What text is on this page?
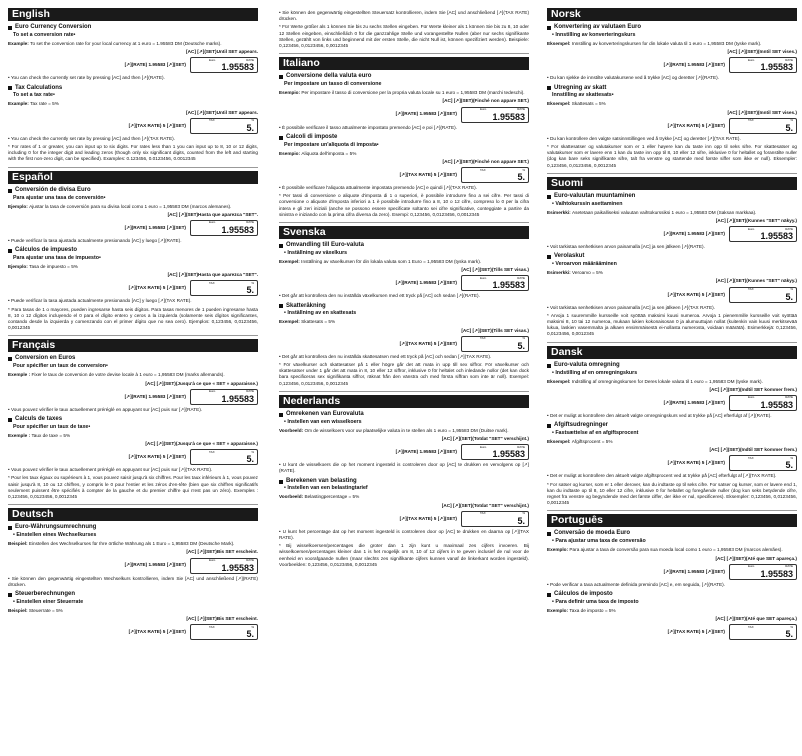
English
Euro Currency Conversion
To set a conversion rate•
Example: To set the conversion rate for your local currency at 1 euro = 1.95583 DM (Deutsche marks).
[AC] [↗](SET)Until SET appears.
[↗](RATE) 1.95583 [↗](SET)
Euro	RATE
1.95583
• You can check the currently set rate by pressing [AC] and then [↗](RATE).
Tax Calculations
To set a tax rate•
Example: Tax rate = 5%
[AC] [↗](SET)Until SET appears.
[↗](TAX RATE) 5 [↗](SET)
TAX	%
5.
• You can check the currently set rate by pressing [AC] and then [↗](TAX RATE).
* For rates of 1 or greater, you can input up to six digits. For rates less than 1 you can input up to 8, 10 or 12 digits, including 0 for the integer digit and leading zeros (though only six significant digits, counted from the left and starting with the first non-zero digit, can be specified). Examples: 0.123456, 0.0123456, 0.0012345
Español
Conversión de divisa Euro
Para ajustar una tasa de conversión•
Ejemplo: Ajustar la tasa de conversión para su divisa local como 1 euro = 1,95583 DM (marcos alemanes).
[AC] [↗](SET)Hasta que aparezca "SET".
[↗](RATE) 1.95583 [↗](SET)
Euro	RATE
1.95583
• Puede verificar la tasa ajustada actualmente presionando [AC] y luego [↗](RATE).
Cálculos de impuesto
Para ajustar una tasa de impuesto•
Ejemplo: Tasa de impuesto = 5%
[AC] [↗](SET)Hasta que aparezca "SET".
[↗](TAX RATE) 5 [↗](SET)
TAX	%
5.
• Puede verificar la tasa ajustada actualmente presionando [AC] y luego [↗](TAX RATE).
* Para tasas de 1 o mayores, pueden ingresarse hasta seis dígitos. Para tasas menores de 1 pueden ingresarse hasta 8, 10 o 12 dígitos incluyendo el 0 para el dígito entero y ceros a la izquierda (solamente seis dígitos significantes, contando desde la izquierda y comenzando con el primer dígito que no sea cero). Ejemplos: 0,123456, 0,0123456, 0,0012345
Français
Conversion en Euros
Pour spécifier un taux de conversion•
Exemple : Fixer le taux de conversion de votre devise locale à 1 euro = 1,95583 DM (marks allemands).
[AC] [↗](SET)(Jusqu'à ce que « SET » apparaisse.)
[↗](RATE) 1.95583 [↗](SET)
Euro	RATE
1.95583
• Vous pouvez vérifier le taux actuellement préréglé en appuyant sur [AC] puis sur [↗](RATE).
Calculs de taxes
Pour spécifier un taux de taxe•
Exemple : Taux de taxe = 5%
[AC] [↗](SET)(Jusqu'à ce que « SET » apparaisse.)
[↗](TAX RATE) 5 [↗](SET)
TAX	%
5.
• Vous pouvez vérifier le taux actuellement préréglé en appuyant sur [AC] puis sur [↗](TAX RATE).
* Pour les taux égaux ou supérieurs à 1, vous pouvez saisir jusqu'à six chiffres. Pour les taux inférieurs à 1, vous pouvez saisir jusqu'à 8, 10 ou 12 chiffres, y compris le 0 pour l'entier et les zéros d'en-tête (bien que six chiffres significatifs seulement puissent être spécifiés à compter de la gauche et du premier chiffre qui n'est pas un zéro). Exemples : 0,123456, 0,0123456, 0,0012345
Deutsch
Euro-Währungsumrechnung
• Einstellen eines Wechselkurses
Beispiel: Einstellen des Wechselkurses für Ihre örtliche Währung als 1 Euro = 1,95583 DM (Deutsche Mark).
[AC] [↗](SET)Bis SET erscheint.
[↗](RATE) 1.95583 [↗](SET)
Euro	RATE
1.95583
• Sie können den gegenwärtig eingestellten Wechselkurs kontrollieren, indem Sie [AC] und anschließend [↗](RATE) drücken.
Steuerberechnungen
• Einstellen einer Steuerrate
Beispiel: Steuerrate = 5%
[AC] [↗](SET)Bis SET erscheint.
[↗](TAX RATE) 5 [↗](SET)
TAX	%
5.
• Sie können den gegenwärtig eingestellten Steuersatz kontrollieren, indem Sie [AC] und anschließend [↗](TAX RATE) drücken.
* Für Werte größer als 1 können Sie bis zu sechs Stellen eingeben. Für Werte kleiner als 1 können Sie bis zu 8, 10 oder 12 Stellen eingeben, einschließlich 0 für die ganzzahlige Stelle und vorangestellte Nullen (aber nur sechs signifikante Stellen, gezählt von links und beginnend mit der ersten Stelle, die nicht Null ist, können spezifiziert werden). Beispiele: 0,123456, 0,0123456, 0,0012345
Italiano
Conversione della valuta euro
Per impostare un tasso di conversione
Esempio: Per impostare il tasso di conversione per la propria valuta locale su 1 euro = 1,95583 DM (marchi tedeschi).
[AC] [↗](SET)(Finché non appare SET.)
[↗](RATE) 1.95583 [↗](SET)
Euro	RATE
1.95583
• È possibile verificare il tasso attualmente impostato premendo [AC] e poi [↗](RATE).
Calcoli di imposte
Per impostare un'aliquota di imposta•
Esempio: Aliquota dell'imposta = 5%
[AC] [↗](SET)(Finché non appare SET.)
[↗](TAX RATE) 5 [↗](SET)
TAX	%
5.
• È possibile verificare l'aliquota attualmente impostata premendo [AC] e quindi [↗](TAX RATE).
* Per tassi di conversione o aliquote d'imposta di 1 o superiori, è possibile introdurre fino a sei cifre. Per tassi di conversione o aliquote d'imposta inferiori a 1 è possibile introdurre fino a 8, 10 o 12 cifre, compreso lo 0 per la cifra intera e gli zeri iniziali (anche se possono essere specificate soltanto sei cifre significative, conteggiate a partire da sinistra e iniziando con la prima cifra diversa da zero). Esempi: 0,123456, 0,0123456, 0,0012345
Svenska
Omvandling till Euro-valuta
• Inställning av växelkurs
Exempel: Inställning av växelkursen för din lokala valuta som 1 Euro = 1,95583 DM (tyska mark).
[AC] [↗](SET)(Tills SET visas.)
[↗](RATE) 1.95583 [↗](SET)
Euro	RATE
1.95583
• Det går att kontrollera den nu inställda växelkursen med ett tryck på [AC] och sedan [↗](RATE).
Skatteräkning
• Inställning av en skattesats
Exempel: Skattesats = 5%
[AC] [↗](SET)(Tills SET visas.)
[↗](TAX RATE) 5 [↗](SET)
TAX	%
5.
• Det går att kontrollera den nu inställda skattesatsen med ett tryck på [AC] och sedan [↗](TAX RATE).
* För växelkurser och skattesatser på 1 eller högre går det att mata in upp till sex siffror. För växelkurser och skattesatser under 1 går det att mata in 8, 10 eller 12 siffror, inklusive 0 för heltalet och inledande nollor (det kan dock bara specificeras sex signifikanta siffror, räknat från den vänstra och med första siffran som inte är noll). Exempel: 0,123456, 0,0123456, 0,0012345
Nederlands
Omrekenen van Eurovaluta
• Instellen van een wisselkoers
Voorbeeld: Om de wisselkoers voor uw plaatselijke valuta in te stellen als 1 euro = 1,95583 DM (Duitse mark).
[AC] [↗](SET)(Totdat "SET" verschijnt.)
[↗](RATE) 1.95583 [↗](SET)
Euro	RATE
1.95583
• U kunt de wisselkoers die op het moment ingesteld is controleren door op [AC] te drukken en vervolgens op [↗](RATE).
Berekenen van belasting
• Instellen van een belastingtarief
Voorbeeld: Belastingpercentage = 5%
[AC] [↗](SET)(Totdat "SET" verschijnt.)
[↗](TAX RATE) 5 [↗](SET)
TAX	%
5.
• U kunt het percentage dat op het moment ingesteld is controleren door op [AC] te drukken en daarna op [↗](TAX RATE).
* Bij wisselkoersen/percentages die groter dan 1 zijn kunt u maximaal zes cijfers invoeren. Bij wisselkoersen/percentages kleiner dan 1 is het mogelijk om 8, 10 of 12 cijfers in te geven inclusief de nul voor de eenheid en voorafgaande nullen (maar slechts zes signifikante cijfers kunnen vanaf de linkerkant worden ingesteld). Voorbeelden: 0,123456, 0,0123456, 0,0012345
Norsk
Konvertering av valutaen Euro
• Innstilling av konverteringskurs
Eksempel: Innstilling av konverteringskursen for din lokale valuta til 1 euro = 1,95583 DM (tyske mark).
[AC] [↗](SET)(Inntil SET vises.)
[↗](RATE) 1.95583 [↗](SET)
Euro	RATE
1.95583
• Du kan sjekke de innstilte valutakursene ved å trykke [AC] og deretter [↗](RATE).
Utregning av skatt
Innstilling av skattesats•
Eksempel: Skattesats = 5%
[AC] [↗](SET)(Inntil SET vises.)
[↗](TAX RATE) 5 [↗](SET)
TAX	%
5.
• Du kan kontrollere den valgte satsinnstillingen ved å trykke [AC] og deretter [↗](TAX RATE).
* For skattesatser og valutakurser som er 1 eller høyere kan du taste inn opp til seks sifre. For skattesatser og valutakurser som er lavere enn 1 kan du taste inn opp til 8, 10 eller 12 sifre, inklusive 0 for heltallet og foranstilte nuller (dog kan bare seks signifikante sifre, talt fra venstre og startende med første siffer som ikke er null). Eksempler: 0,123456, 0,0123456, 0,0012345
Suomi
Euro-valuutan muuntaminen
• Vaihtokurssin asettaminen
Esimerkki: Asetetaan paikalliseksi valuutan vaihtokurssiksi 1 euro = 1,95583 DM (Saksan markkaa).
[AC] [↗](SET)(Kunnes "SET" näkyy.)
[↗](RATE) 1.95583 [↗](SET)
Euro	RATE
1.95583
• Voit tarkistaa senhetkisen arvon painamalla [AC] ja sen jälkeen [↗](RATE).
Verolaskut
• Veroarvon määrääminen
Esimerkki: Veroarvo = 5%
[AC] [↗](SET)(Kunnes "SET" näkyy.)
[↗](TAX RATE) 5 [↗](SET)
TAX	%
5.
• Voit tarkistaa senhetkisen arvon painamalla [AC] ja sen jälkeen [↗](TAX RATE).
* Arvoja 1 suuremmille kursseille voit syöttää maksimi kuusi numeroa. Arvoja 1 pienemmille kursseille voit syöttää maksimi 8, 10 tai 12 numeroa, mukaan lukien kokonaisosan 0 ja alumuuttujan nollat (kuitenkin vain kuusi merkitsevää lukua, laskien vasemmalta ja alkaen ensimmäisestä ei-nollasta numerosta, voidaan määrätä). Esimerkkejä: 0,123456, 0,0123456, 0,0012345
Dansk
Euro-valuta omregning
• Indstilling af en omregningskurs
Eksempel: Indstilling af omregningskursen for Deres lokale valuta til 1 euro = 1,95583 DM (tyske mark).
[AC] [↗](SET)(Indtil SET kommer frem.)
[↗](RATE) 1.95583 [↗](SET)
Euro	RATE
1.95583
• Det er muligt at kontrollere den aktuelt valgte omregningskurs ved at trykke på [AC] efterfulgt af [↗](RATE).
Afgiftsudregninger
• Fastsættelse af en afgiftsprocent
Eksempel: Afgiftsprocent = 5%
[AC] [↗](SET)(Indtil SET kommer frem.)
[↗](TAX RATE) 5 [↗](SET)
TAX	%
5.
• Det er muligt at kontrollere den aktuelt valgte afgiftsprocent ved at trykke på [AC] efterfulgt af [↗](TAX RATE).
* For satser og kurser, som er 1 eller derover, kan du indtaste op til seks cifre. For satser og kurser, som er lavere end 1, kan du indtaste op til 8, 10 eller 12 cifre, inklusive 0 for heltallet og foregående nuller (dog kun seks betydende cifre, regnet fra venstre og begyndende med det første ciffer, der ikke er nul, specificeres). Eksempler: 0,123456, 0,0123456, 0,0012345
Português
Conversão de moeda Euro
• Para ajustar uma taxa de conversão
Exemplo: Para ajustar a taxa de conversão para sua moeda local como 1 euro = 1,95583 DM (marcos alemães).
[AC] [↗](SET)(Até que SET apareça.)
[↗](RATE) 1.95583 [↗](SET)
Euro	RATE
1.95583
• Pode verificar a taxa actualmente definida premindo [AC] e, em seguida, [↗](RATE).
Cálculos de imposto
• Para definir uma taxa de imposto
Exemplo: Taxa de imposto = 5%
[AC] [↗](SET)(Até que SET apareça.)
[↗](TAX RATE) 5 [↗](SET)
TAX	%
5.
